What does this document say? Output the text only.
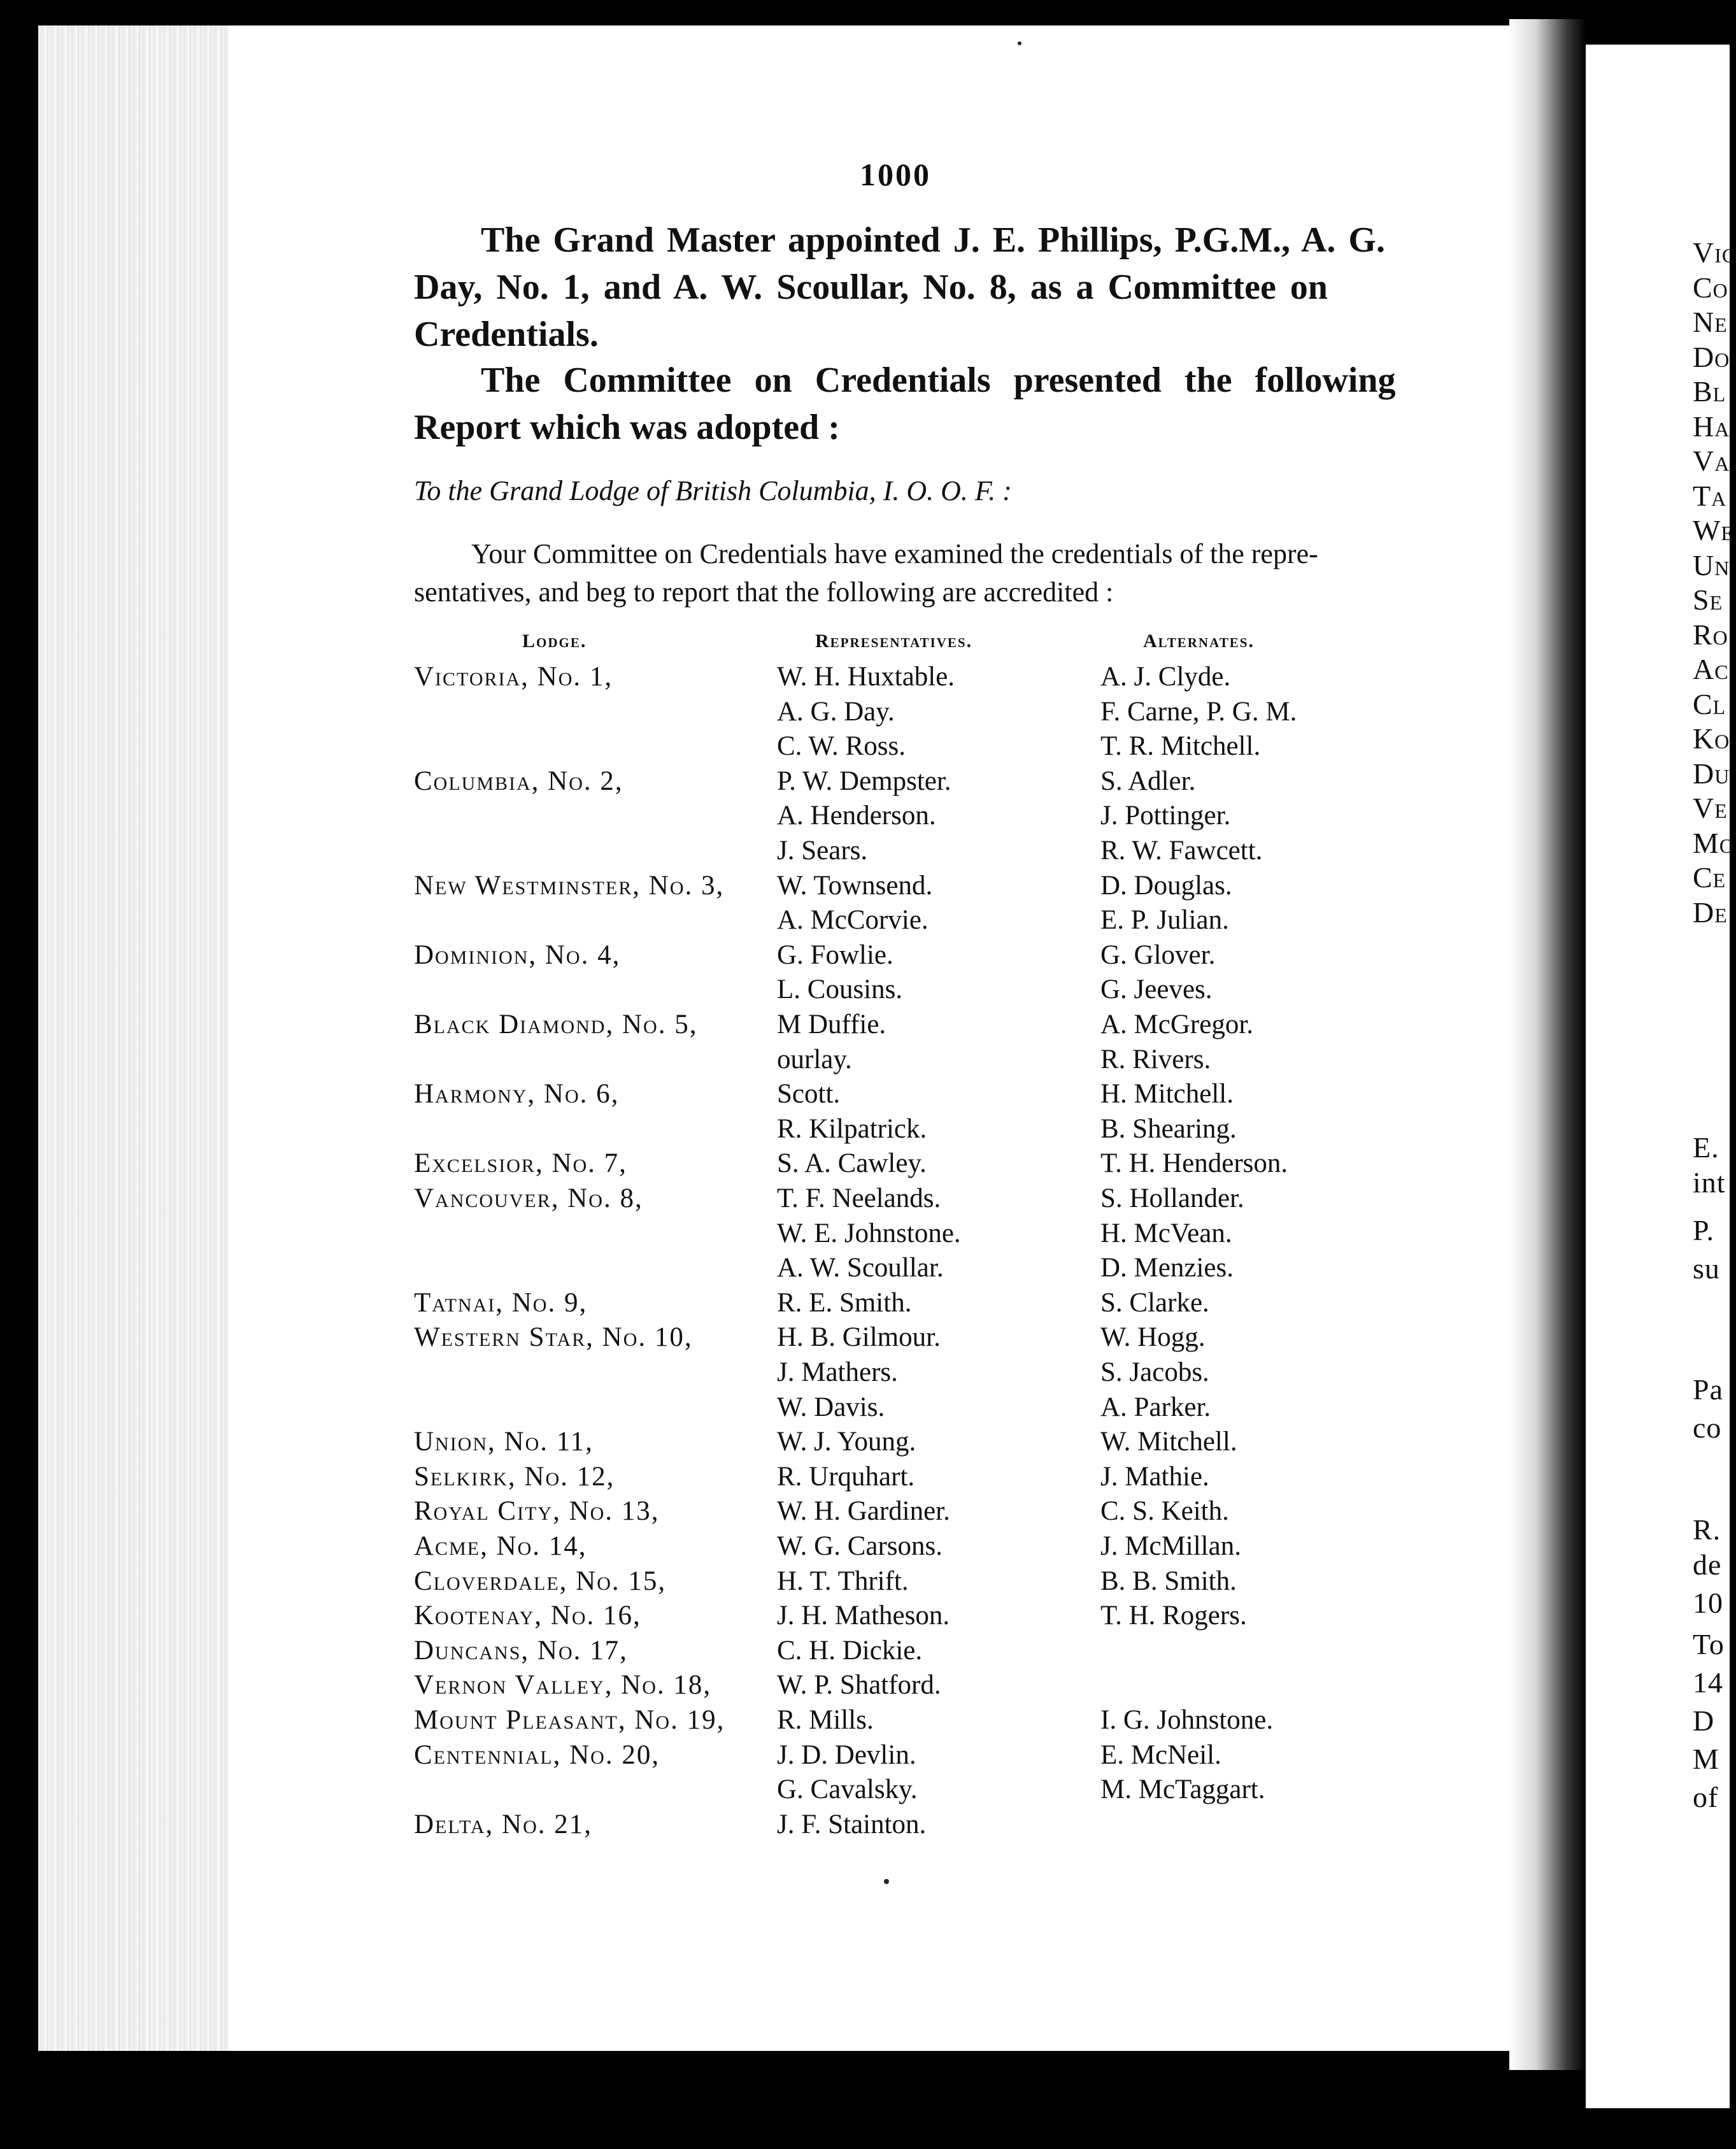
Vic
Co
Ne
Do
Bl
Ha
Va
Ta
We
Un
Se
Ro
Ac
Cl
Ko
Du
Ve
Mo
Ce
De
E.
int
P.
su
Pa
co
R.
de
10
To
14
D
M
of
1000
The Grand Master appointed J. E. Phillips, P.G.M., A. G.
Day, No. 1, and A. W. Scoullar, No. 8, as a Committee on
Credentials.
The Committee on Credentials presented the following
Report which was adopted :
To the Grand Lodge of British Columbia, I. O. O. F. :
Your Committee on Credentials have examined the credentials of the repre-
sentatives, and beg to report that the following are accredited :
Lodge.	Representatives.	Alternates.
Victoria, No. 1,	W. H. Huxtable.	A. J. Clyde.
A. G. Day.	F. Carne, P. G. M.
C. W. Ross.	T. R. Mitchell.
Columbia, No. 2,	P. W. Dempster.	S. Adler.
A. Henderson.	J. Pottinger.
J. Sears.	R. W. Fawcett.
New Westminster, No. 3, W. Townsend.	D. Douglas.
A. McCorvie.	E. P. Julian.
Dominion, No. 4,	G. Fowlie.	G. Glover.
L. Cousins.	G. Jeeves.
Black Diamond, No. 5,	M Duffie.	A. McGregor.
ourlay.	R. Rivers.
Harmony, No. 6,	Scott.	H. Mitchell.
R. Kilpatrick.	B. Shearing.
Excelsior, No. 7,	S. A. Cawley.	T. H. Henderson.
Vancouver, No. 8,	T. F. Neelands.	S. Hollander.
W. E. Johnstone.	H. McVean.
A. W. Scoullar.	D. Menzies.
Tatnai, No. 9,	R. E. Smith.	S. Clarke.
Western Star, No. 10,	H. B. Gilmour.	W. Hogg.
J. Mathers.	S. Jacobs.
W. Davis.	A. Parker.
Union, No. 11,	W. J. Young.	W. Mitchell.
Selkirk, No. 12,	R. Urquhart.	J. Mathie.
Royal City, No. 13,	W. H. Gardiner.	C. S. Keith.
Acme, No. 14,	W. G. Carsons.	J. McMillan.
Cloverdale, No. 15,	H. T. Thrift.	B. B. Smith.
Kootenay, No. 16,	J. H. Matheson.	T. H. Rogers.
Duncans, No. 17,	C. H. Dickie.
Vernon Valley, No. 18, W. P. Shatford.
Mount Pleasant, No. 19, R. Mills.	I. G. Johnstone.
Centennial, No. 20,	J. D. Devlin.	E. McNeil.
G. Cavalsky.	M. McTaggart.
Delta, No. 21,	J. F. Stainton.
